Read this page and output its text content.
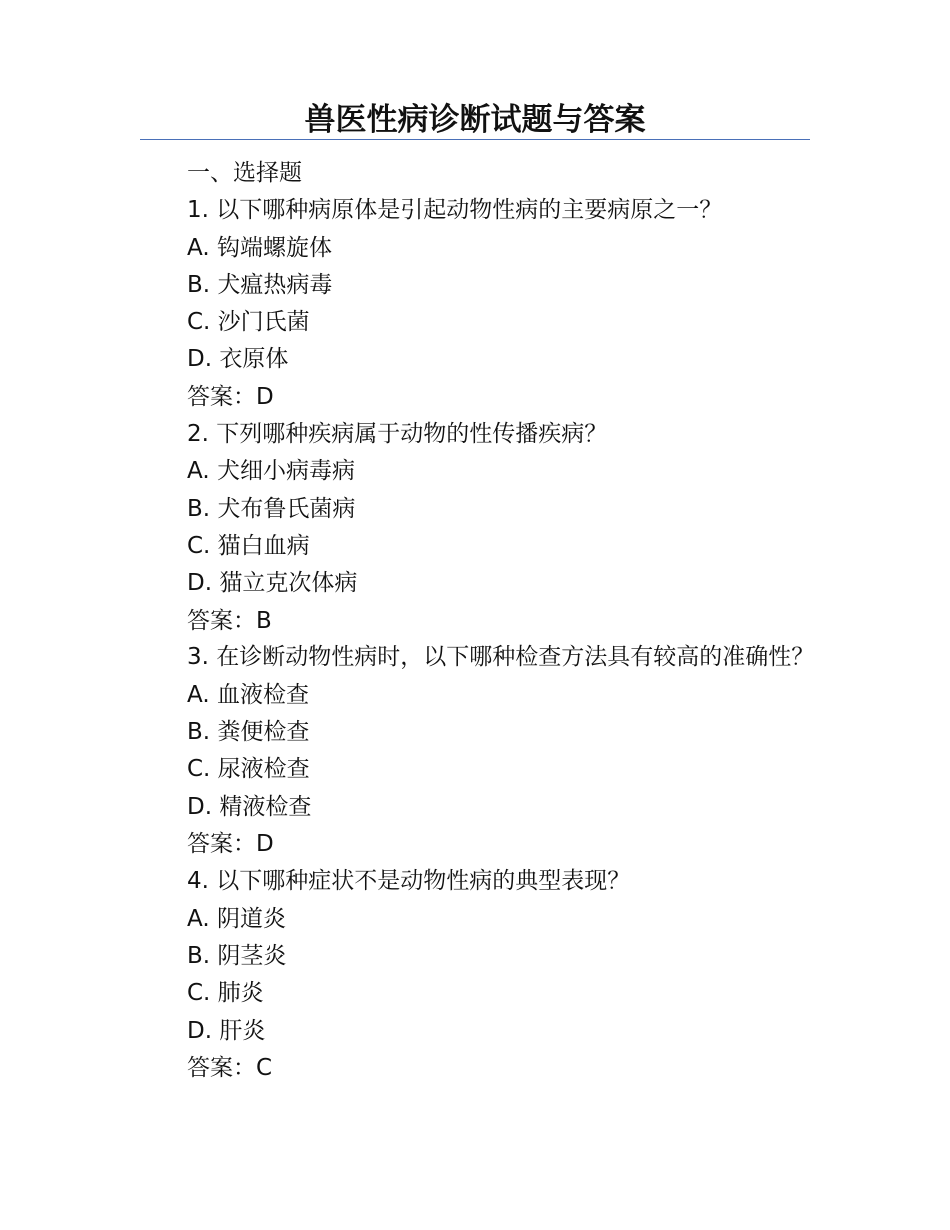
兽医性病诊断试题与答案
一、选择题
1. 以下哪种病原体是引起动物性病的主要病原之一？
A. 钩端螺旋体
B. 犬瘟热病毒
C. 沙门氏菌
D. 衣原体
答案：D
2. 下列哪种疾病属于动物的性传播疾病？
A. 犬细小病毒病
B. 犬布鲁氏菌病
C. 猫白血病
D. 猫立克次体病
答案：B
3. 在诊断动物性病时，以下哪种检查方法具有较高的准确性？
A. 血液检查
B. 粪便检查
C. 尿液检查
D. 精液检查
答案：D
4. 以下哪种症状不是动物性病的典型表现？
A. 阴道炎
B. 阴茎炎
C. 肺炎
D. 肝炎
答案：C
